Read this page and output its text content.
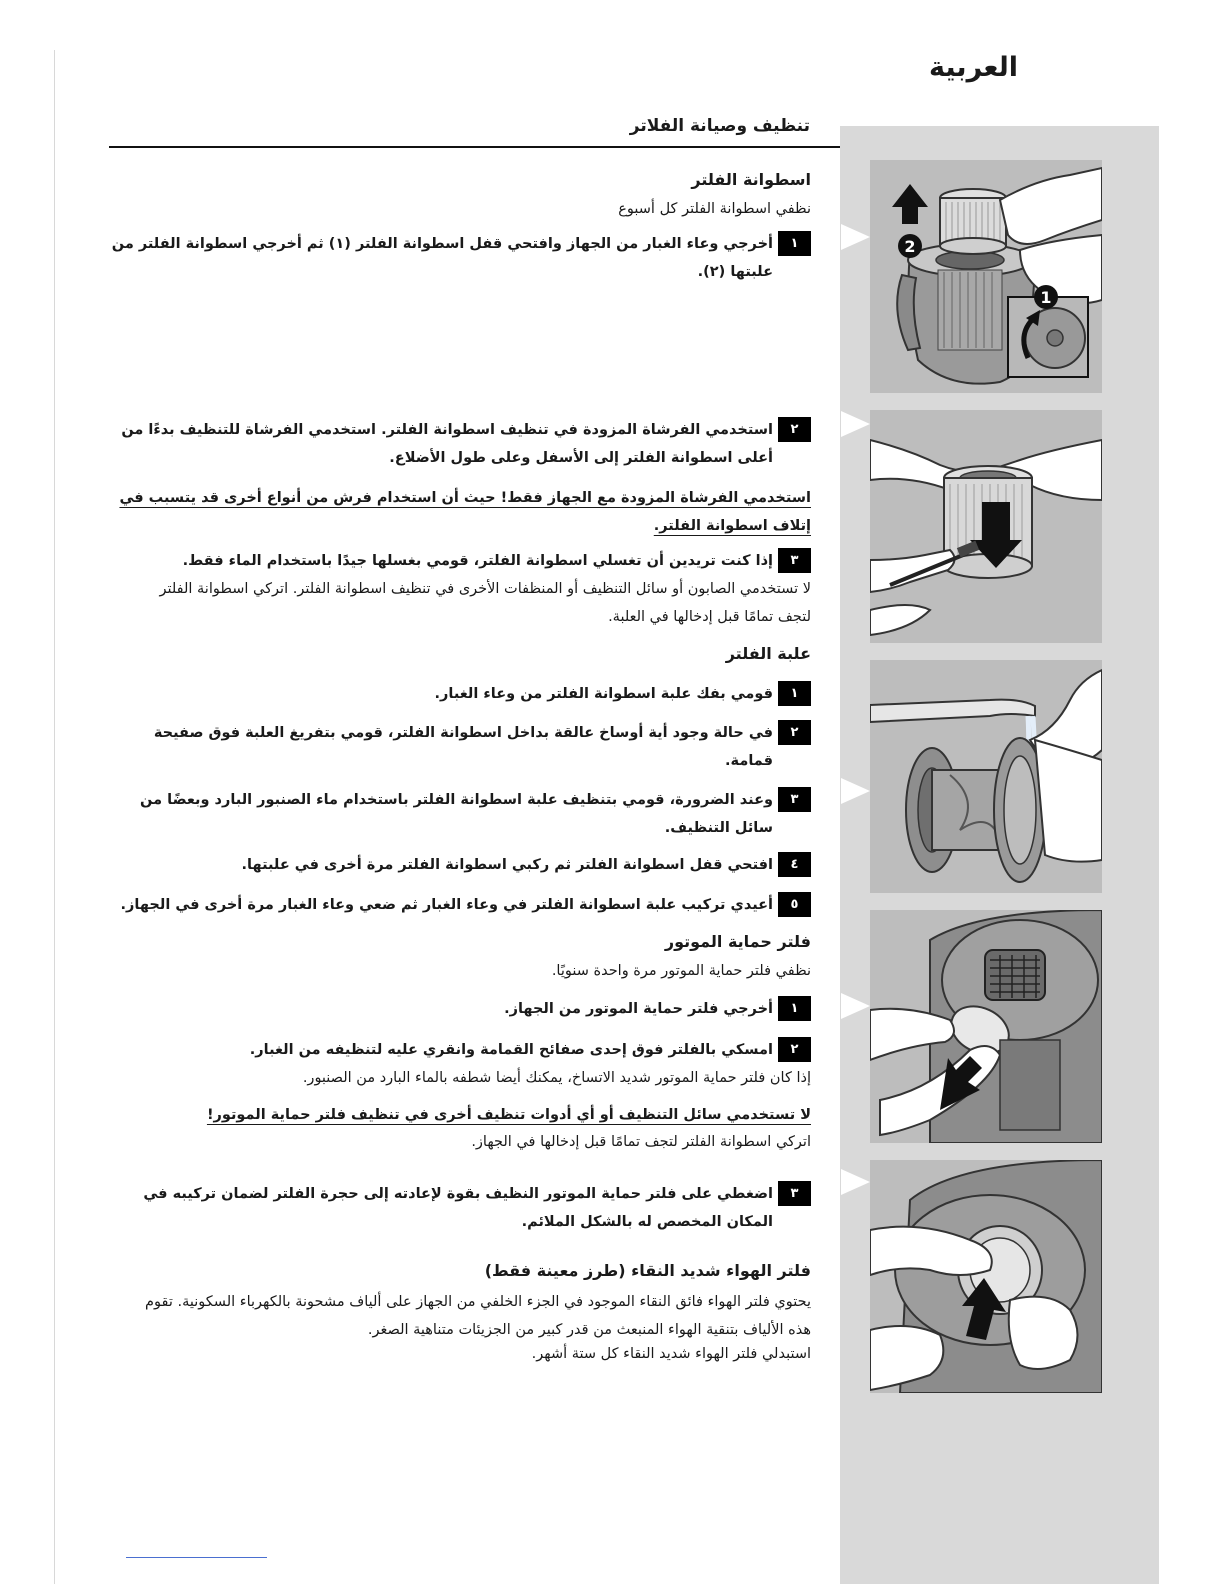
العربية
تنظيف وصيانة الفلاتر
2
1
اسطوانة الفلتر
نظفي اسطوانة الفلتر كل أسبوع
١
أخرجي وعاء الغبار من الجهاز وافتحي قفل اسطوانة الفلتر (١) ثم أخرجي اسطوانة الفلتر من علبتها (٢).
٢
استخدمي الفرشاة المزودة في تنظيف اسطوانة الفلتر. استخدمي الفرشاة للتنظيف بدءًا من أعلى اسطوانة الفلتر إلى الأسفل وعلى طول الأضلاع.
استخدمي الفرشاة المزودة مع الجهاز فقط! حيث أن استخدام فرش من أنواع أخرى قد يتسبب في إتلاف اسطوانة الفلتر.
٣
إذا كنت تريدين أن تغسلي اسطوانة الفلتر، قومي بغسلها جيدًا باستخدام الماء فقط.
لا تستخدمي الصابون أو سائل التنظيف أو المنظفات الأخرى في تنظيف اسطوانة الفلتر. اتركي اسطوانة الفلتر لتجف تمامًا قبل إدخالها في العلبة.
علبة الفلتر
١
قومي بفك علبة اسطوانة الفلتر من وعاء الغبار.
٢
في حالة وجود أية أوساخ عالقة بداخل اسطوانة الفلتر، قومي بتفريغ العلبة فوق صفيحة قمامة.
٣
وعند الضرورة، قومي بتنظيف علبة اسطوانة الفلتر باستخدام ماء الصنبور البارد وبعضًا من سائل التنظيف.
٤
افتحي قفل اسطوانة الفلتر ثم ركبي اسطوانة الفلتر مرة أخرى في علبتها.
٥
أعيدي تركيب علبة اسطوانة الفلتر في وعاء الغبار ثم ضعي وعاء الغبار مرة أخرى في الجهاز.
فلتر حماية الموتور
نظفي فلتر حماية الموتور مرة واحدة سنويًا.
١
أخرجي فلتر حماية الموتور من الجهاز.
٢
امسكي بالفلتر فوق إحدى صفائح القمامة وانقري عليه لتنظيفه من الغبار.
إذا كان فلتر حماية الموتور شديد الاتساخ، يمكنك أيضا شطفه بالماء البارد من الصنبور.
لا تستخدمي سائل التنظيف أو أي أدوات تنظيف أخرى في تنظيف فلتر حماية الموتور!
اتركي اسطوانة الفلتر لتجف تمامًا قبل إدخالها في الجهاز.
٣
اضغطي على فلتر حماية الموتور النظيف بقوة لإعادته إلى حجرة الفلتر لضمان تركيبه في المكان المخصص له بالشكل الملائم.
فلتر الهواء شديد النقاء (طرز معينة فقط)
يحتوي فلتر الهواء فائق النقاء الموجود في الجزء الخلفي من الجهاز على ألياف مشحونة بالكهرباء السكونية. تقوم هذه الألياف بتنقية الهواء المنبعث من قدر كبير من الجزيئات متناهية الصغر.
استبدلي فلتر الهواء شديد النقاء كل ستة أشهر.
